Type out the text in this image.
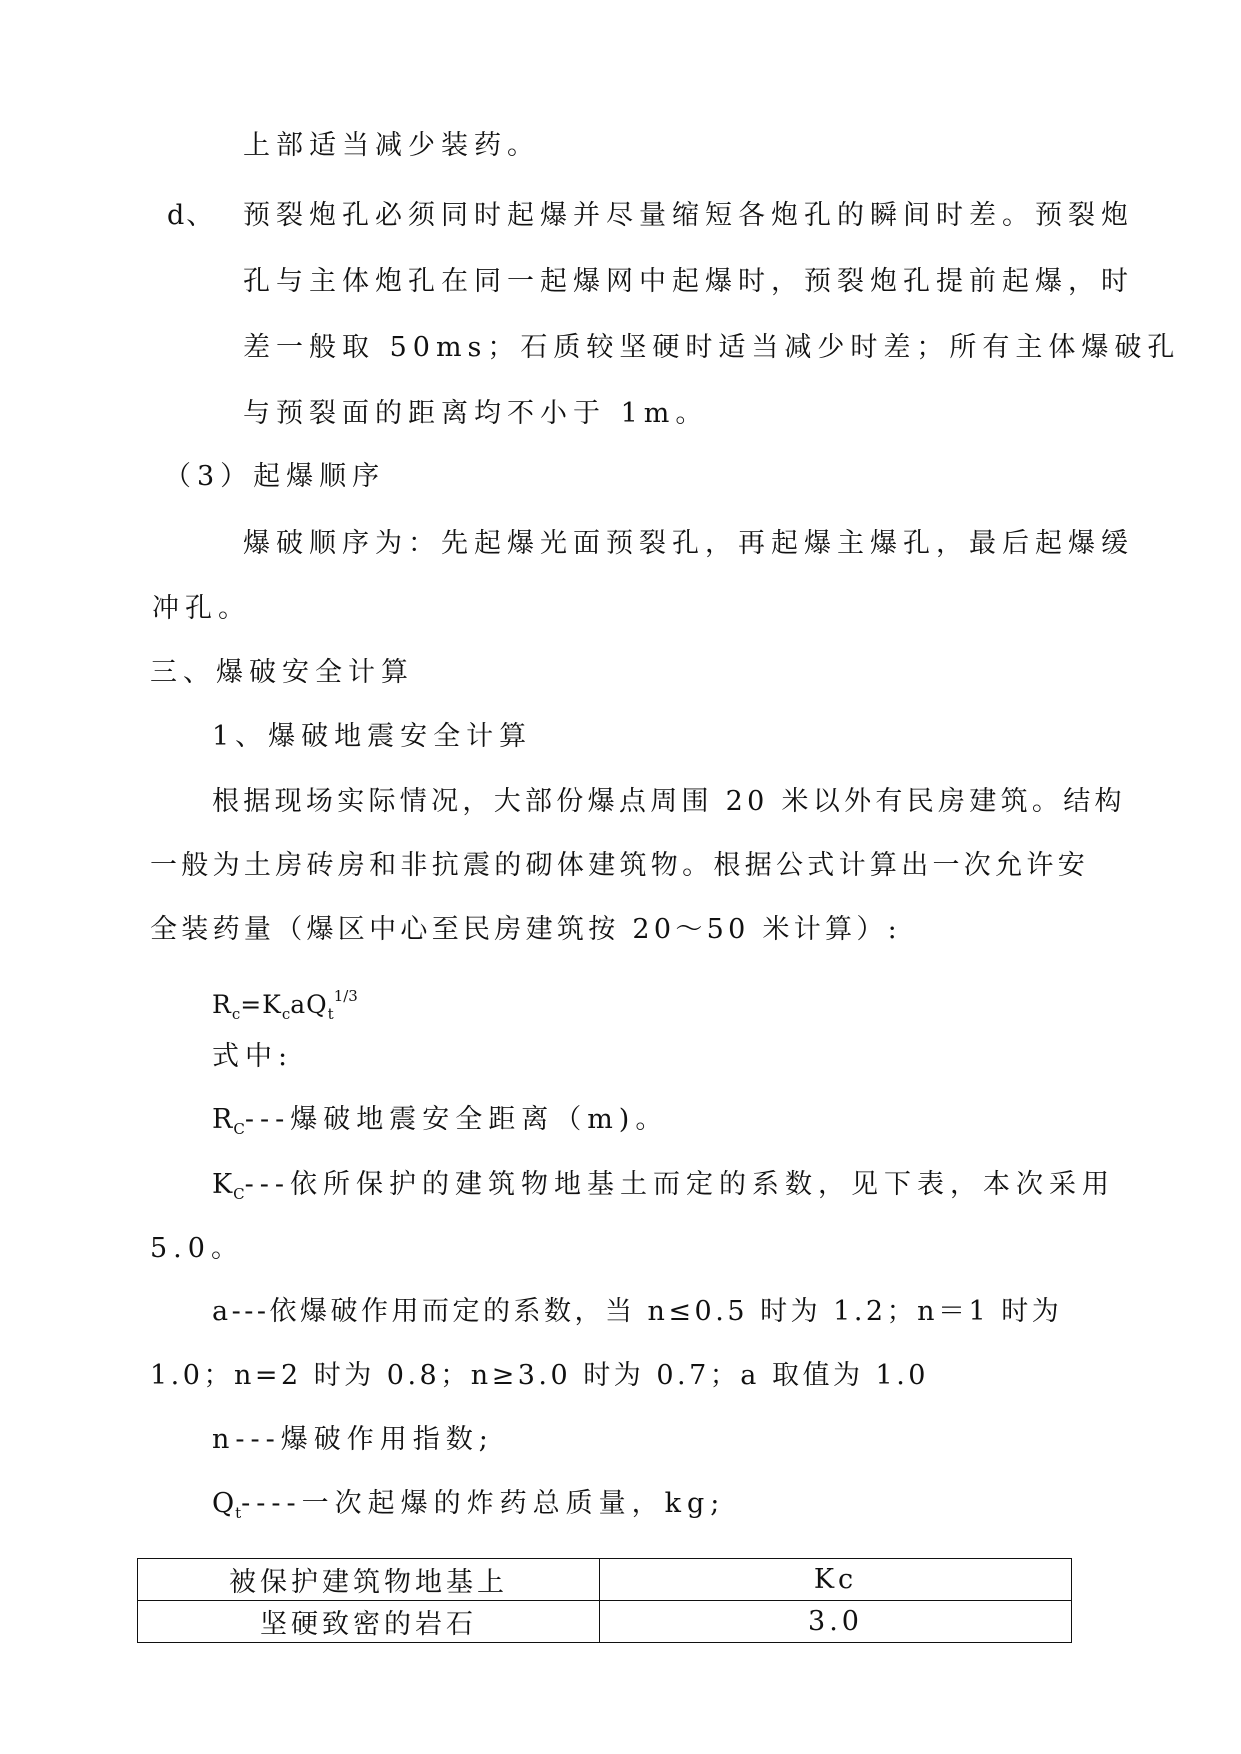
上部适当减少装药。
d、 预裂炮孔必须同时起爆并尽量缩短各炮孔的瞬间时差。预裂炮
孔与主体炮孔在同一起爆网中起爆时，预裂炮孔提前起爆，时
差一般取 50ms；石质较坚硬时适当减少时差；所有主体爆破孔
与预裂面的距离均不小于 1m。
（3）起爆顺序
爆破顺序为：先起爆光面预裂孔，再起爆主爆孔，最后起爆缓
冲孔。
三、爆破安全计算
1、爆破地震安全计算
根据现场实际情况，大部份爆点周围 20 米以外有民房建筑。结构
一般为土房砖房和非抗震的砌体建筑物。根据公式计算出一次允许安
全装药量（爆区中心至民房建筑按 20～50 米计算）:
$R_c=K_caQ_t^{1/3}$
式中:
$R_C---$爆破地震安全距离（m)。
$K_C---$依所保护的建筑物地基土而定的系数，见下表，本次采用
5.0。
a---依爆破作用而定的系数，当 n≤0.5 时为 1.2；n＝1 时为
1.0；n=2 时为 0.8；n≥3.0 时为 0.7；a 取值为 1.0
n---爆破作用指数;
$Q_t----$一次起爆的炸药总质量，kg;
被保护建筑物地基上	Kc
坚硬致密的岩石	3.0
